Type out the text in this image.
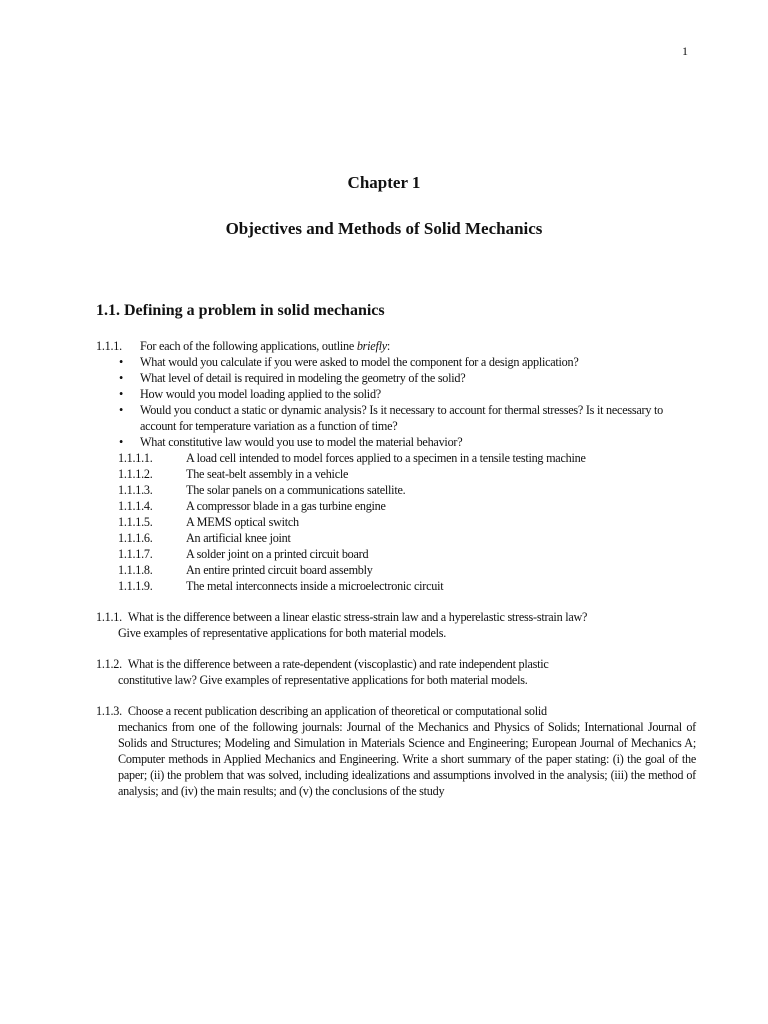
1
Chapter 1
Objectives and Methods of Solid Mechanics
1.1. Defining a problem in solid mechanics

1.1.1. For each of the following applications, outline briefly:

• What would you calculate if you were asked to model the component for a design application?
• What level of detail is required in modeling the geometry of the solid?
• How would you model loading applied to the solid?
• Would you conduct a static or dynamic analysis? Is it necessary to account for thermal stresses? Is it necessary to account for temperature variation as a function of time?
• What constitutive law would you use to model the material behavior?
1.1.1.1.	A load cell intended to model forces applied to a specimen in a tensile testing machine
1.1.1.2.	The seat-belt assembly in a vehicle
1.1.1.3.	The solar panels on a communications satellite.
1.1.1.4.	A compressor blade in a gas turbine engine
1.1.1.5.	A MEMS optical switch
1.1.1.6.	An artificial knee joint
1.1.1.7.	A solder joint on a printed circuit board
1.1.1.8.	An entire printed circuit board assembly
1.1.1.9.	The metal interconnects inside a microelectronic circuit

1.1.1. What is the difference between a linear elastic stress-strain law and a hyperelastic stress-strain law?
Give examples of representative applications for both material models.

1.1.2. What is the difference between a rate-dependent (viscoplastic) and rate independent plastic
constitutive law? Give examples of representative applications for both material models.

1.1.3. Choose a recent publication describing an application of theoretical or computational solid
mechanics from one of the following journals: Journal of the Mechanics and Physics of Solids; International Journal of Solids and Structures; Modeling and Simulation in Materials Science and Engineering; European Journal of Mechanics A; Computer methods in Applied Mechanics and Engineering. Write a short summary of the paper stating: (i) the goal of the paper; (ii) the problem that was solved, including idealizations and assumptions involved in the analysis; (iii) the method of analysis; and (iv) the main results; and (v) the conclusions of the study
